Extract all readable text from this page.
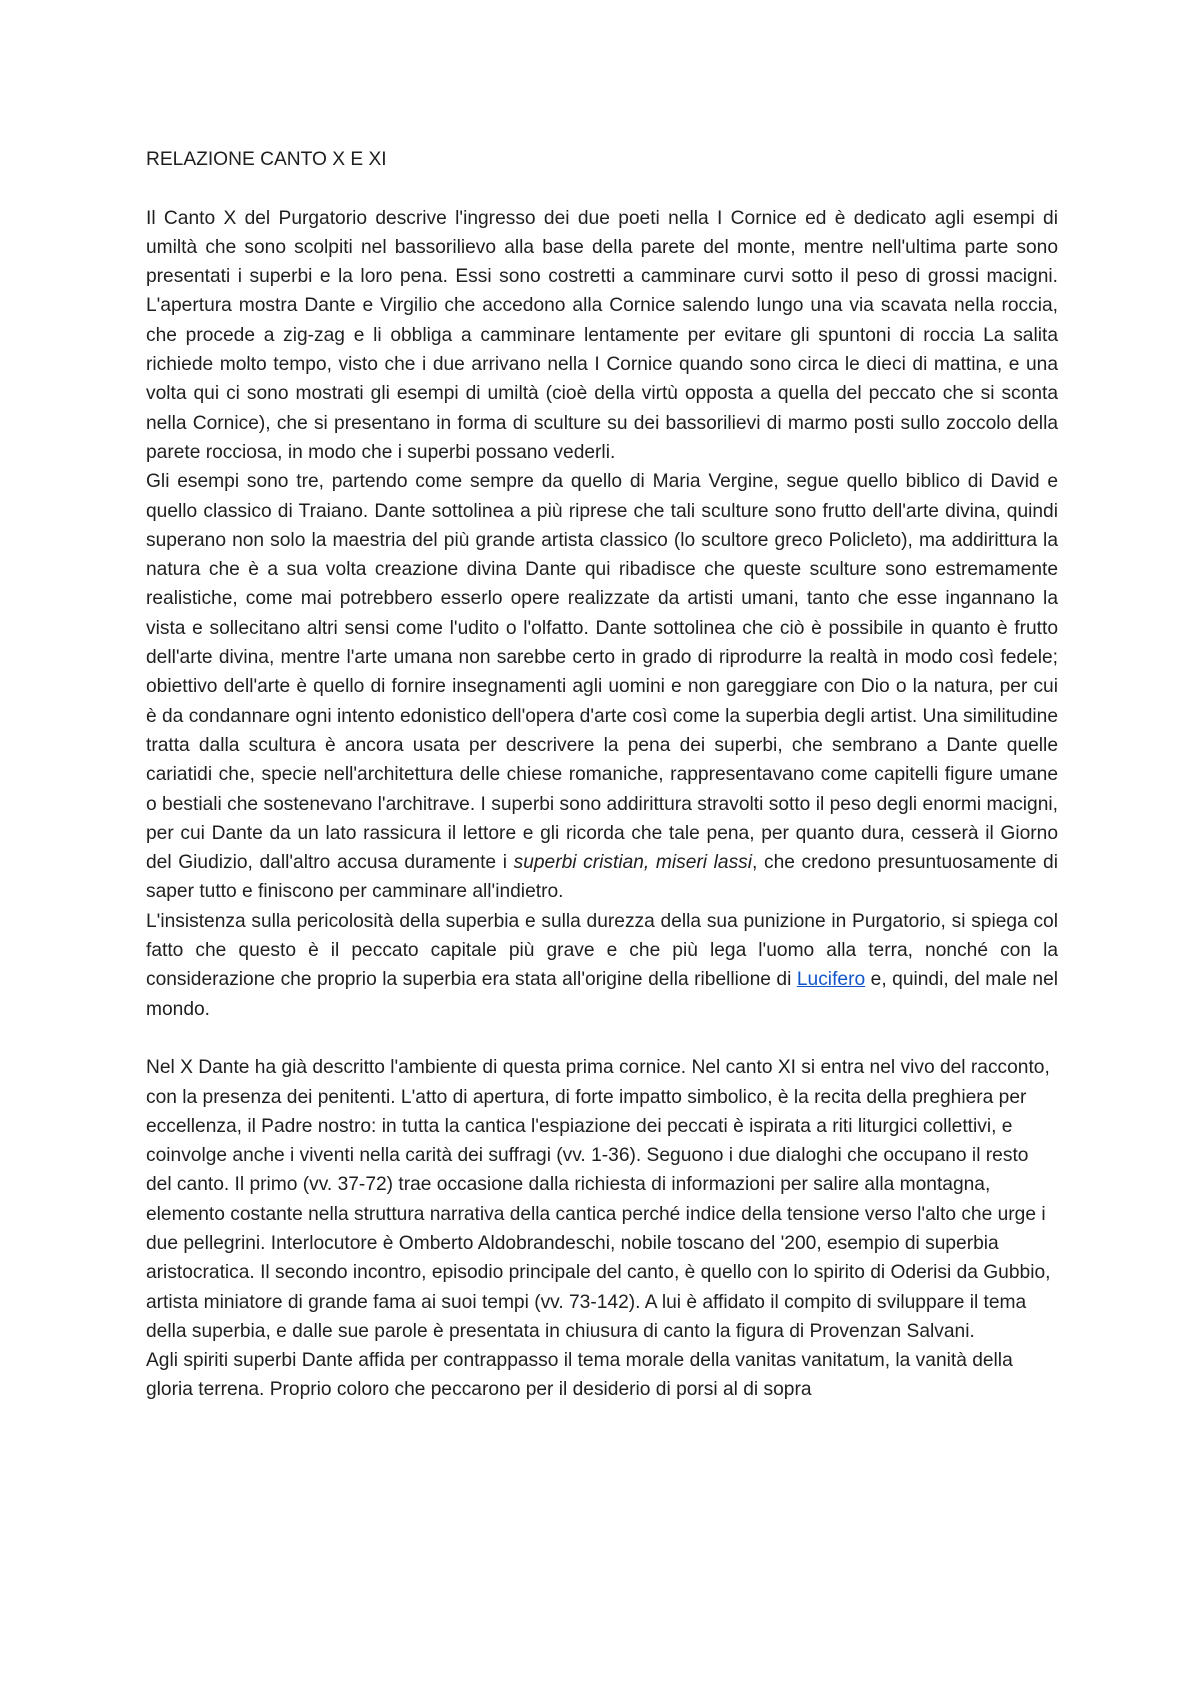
RELAZIONE CANTO X E XI

Il Canto X del Purgatorio descrive l'ingresso dei due poeti nella I Cornice ed è dedicato agli esempi di umiltà che sono scolpiti nel bassorilievo alla base della parete del monte, mentre nell'ultima parte sono presentati i superbi e la loro pena. Essi sono costretti a camminare curvi sotto il peso di grossi macigni. L'apertura mostra Dante e Virgilio che accedono alla Cornice salendo lungo una via scavata nella roccia, che procede a zig-zag e li obbliga a camminare lentamente per evitare gli spuntoni di roccia La salita richiede molto tempo, visto che i due arrivano nella I Cornice quando sono circa le dieci di mattina, e una volta qui ci sono mostrati gli esempi di umiltà (cioè della virtù opposta a quella del peccato che si sconta nella Cornice), che si presentano in forma di sculture su dei bassorilievi di marmo posti sullo zoccolo della parete rocciosa, in modo che i superbi possano vederli.

Gli esempi sono tre, partendo come sempre da quello di Maria Vergine, segue quello biblico di David e quello classico di Traiano. Dante sottolinea a più riprese che tali sculture sono frutto dell'arte divina, quindi superano non solo la maestria del più grande artista classico (lo scultore greco Policleto), ma addirittura la natura che è a sua volta creazione divina Dante qui ribadisce che queste sculture sono estremamente realistiche, come mai potrebbero esserlo opere realizzate da artisti umani, tanto che esse ingannano la vista e sollecitano altri sensi come l'udito o l'olfatto. Dante sottolinea che ciò è possibile in quanto è frutto dell'arte divina, mentre l'arte umana non sarebbe certo in grado di riprodurre la realtà in modo così fedele; obiettivo dell'arte è quello di fornire insegnamenti agli uomini e non gareggiare con Dio o la natura, per cui è da condannare ogni intento edonistico dell'opera d'arte così come la superbia degli artist. Una similitudine tratta dalla scultura è ancora usata per descrivere la pena dei superbi, che sembrano a Dante quelle cariatidi che, specie nell'architettura delle chiese romaniche, rappresentavano come capitelli figure umane o bestiali che sostenevano l'architrave. I superbi sono addirittura stravolti sotto il peso degli enormi macigni, per cui Dante da un lato rassicura il lettore e gli ricorda che tale pena, per quanto dura, cesserà il Giorno del Giudizio, dall'altro accusa duramente i superbi cristian, miseri lassi, che credono presuntuosamente di saper tutto e finiscono per camminare all'indietro.

L'insistenza sulla pericolosità della superbia e sulla durezza della sua punizione in Purgatorio, si spiega col fatto che questo è il peccato capitale più grave e che più lega l'uomo alla terra, nonché con la considerazione che proprio la superbia era stata all'origine della ribellione di Lucifero e, quindi, del male nel mondo.

Nel X Dante ha già descritto l'ambiente di questa prima cornice. Nel canto XI si entra nel vivo del racconto, con la presenza dei penitenti. L'atto di apertura, di forte impatto simbolico, è la recita della preghiera per eccellenza, il Padre nostro: in tutta la cantica l'espiazione dei peccati è ispirata a riti liturgici collettivi, e coinvolge anche i viventi nella carità dei suffragi (vv. 1-36). Seguono i due dialoghi che occupano il resto del canto. Il primo (vv. 37-72) trae occasione dalla richiesta di informazioni per salire alla montagna, elemento costante nella struttura narrativa della cantica perché indice della tensione verso l'alto che urge i due pellegrini. Interlocutore è Omberto Aldobrandeschi, nobile toscano del '200, esempio di superbia aristocratica. Il secondo incontro, episodio principale del canto, è quello con lo spirito di Oderisi da Gubbio, artista miniatore di grande fama ai suoi tempi (vv. 73-142). A lui è affidato il compito di sviluppare il tema della superbia, e dalle sue parole è presentata in chiusura di canto la figura di Provenzan Salvani.

Agli spiriti superbi Dante affida per contrappasso il tema morale della vanitas vanitatum, la vanità della gloria terrena. Proprio coloro che peccarono per il desiderio di porsi al di sopra
